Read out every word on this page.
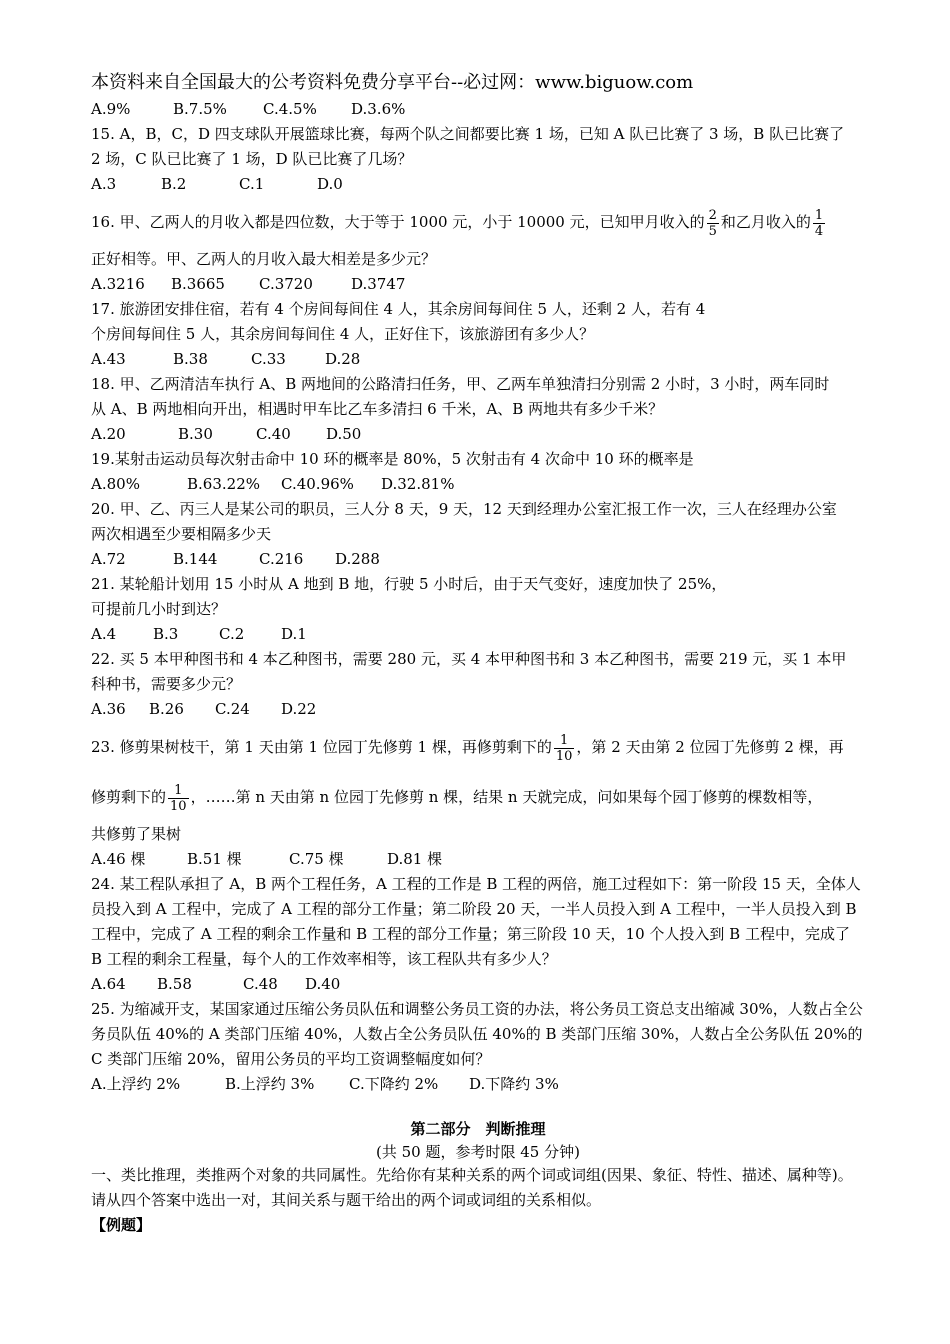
本资料来自全国最大的公考资料免费分享平台--必过网：www.biguow.com
A.9%	B.7.5% C.4.5% D.3.6%
15. A，B，C，D 四支球队开展篮球比赛，每两个队之间都要比赛 1 场，已知 A 队已比赛了 3 场，B 队已比赛了
2 场，C 队已比赛了 1 场，D 队已比赛了几场？
A.3	B.2	C.1	D.0
16. 甲、乙两人的月收入都是四位数，大于等于 1000 元，小于 10000 元，已知甲月收入的 $\frac{2}{5}$ 和乙月收入的 $\frac{1}{4}$
正好相等。甲、乙两人的月收入最大相差是多少元？
A.3216 B.3665 C.3720	D.3747
17. 旅游团安排住宿，若有 4 个房间每间住 4 人，其余房间每间住 5 人，还剩 2 人，若有 4
个房间每间住 5 人，其余房间每间住 4 人，正好住下，该旅游团有多少人？
A.43	B.38	C.33	D.28
18. 甲、乙两清洁车执行 A、B 两地间的公路清扫任务，甲、乙两车单独清扫分别需 2 小时，3 小时，两车同时
从 A、B 两地相向开出，相遇时甲车比乙车多清扫 6 千米，A、B 两地共有多少千米？
A.20	B.30	C.40 D.50
19.某射击运动员每次射击命中 10 环的概率是 80%，5 次射击有 4 次命中 10 环的概率是
A.80%	B.63.22% C.40.96% D.32.81%
20. 甲、乙、丙三人是某公司的职员，三人分 8 天，9 天，12 天到经理办公室汇报工作一次，三人在经理办公室
两次相遇至少要相隔多少天
A.72	B.144	C.216 D.288
21. 某轮船计划用 15 小时从 A 地到 B 地，行驶 5 小时后，由于天气变好，速度加快了 25%，
可提前几小时到达？
A.4 B.3	C.2 D.1
22. 买 5 本甲种图书和 4 本乙种图书，需要 280 元，买 4 本甲种图书和 3 本乙种图书，需要 219 元，买 1 本甲
科种书，需要多少元？
A.36 B.26 C.24 D.22
23. 修剪果树枝干，第 1 天由第 1 位园丁先修剪 1 棵，再修剪剩下的 $\frac{1}{10}$ ，第 2 天由第 2 位园丁先修剪 2 棵，再
修剪剩下的 $\frac{1}{10}$ ，……第 n 天由第 n 位园丁先修剪 n 棵，结果 n 天就完成，问如果每个园丁修剪的棵数相等，
共修剪了果树
A.46 棵	B.51 棵	C.75 棵	D.81 棵
24. 某工程队承担了 A，B 两个工程任务，A 工程的工作是 B 工程的两倍，施工过程如下：第一阶段 15 天，全体人员投入到 A 工程中，完成了 A 工程的部分工作量；第二阶段 20 天，一半人员投入到 A 工程中，一半人员投入到 B 工程中，完成了 A 工程的剩余工作量和 B 工程的部分工作量；第三阶段 10 天，10 个人投入到 B 工程中，完成了 B 工程的剩余工程量，每个人的工作效率相等，该工程队共有多少人？
A.64 B.58	C.48 D.40
25. 为缩减开支，某国家通过压缩公务员队伍和调整公务员工资的办法，将公务员工资总支出缩减 30%，人数占全公务员队伍 40%的 A 类部门压缩 40%，人数占全公务员队伍 40%的 B 类部门压缩 30%，人数占全公务队伍 20%的 C 类部门压缩 20%，留用公务员的平均工资调整幅度如何？
A.上浮约 2%	B.上浮约 3% C.下降约 2% D.下降约 3%
第二部分　判断推理
(共 50 题，参考时限 45 分钟)
一、类比推理，类推两个对象的共同属性。先给你有某种关系的两个词或词组(因果、象征、特性、描述、属种等)。请从四个答案中选出一对，其间关系与题干给出的两个词或词组的关系相似。
【例题】
